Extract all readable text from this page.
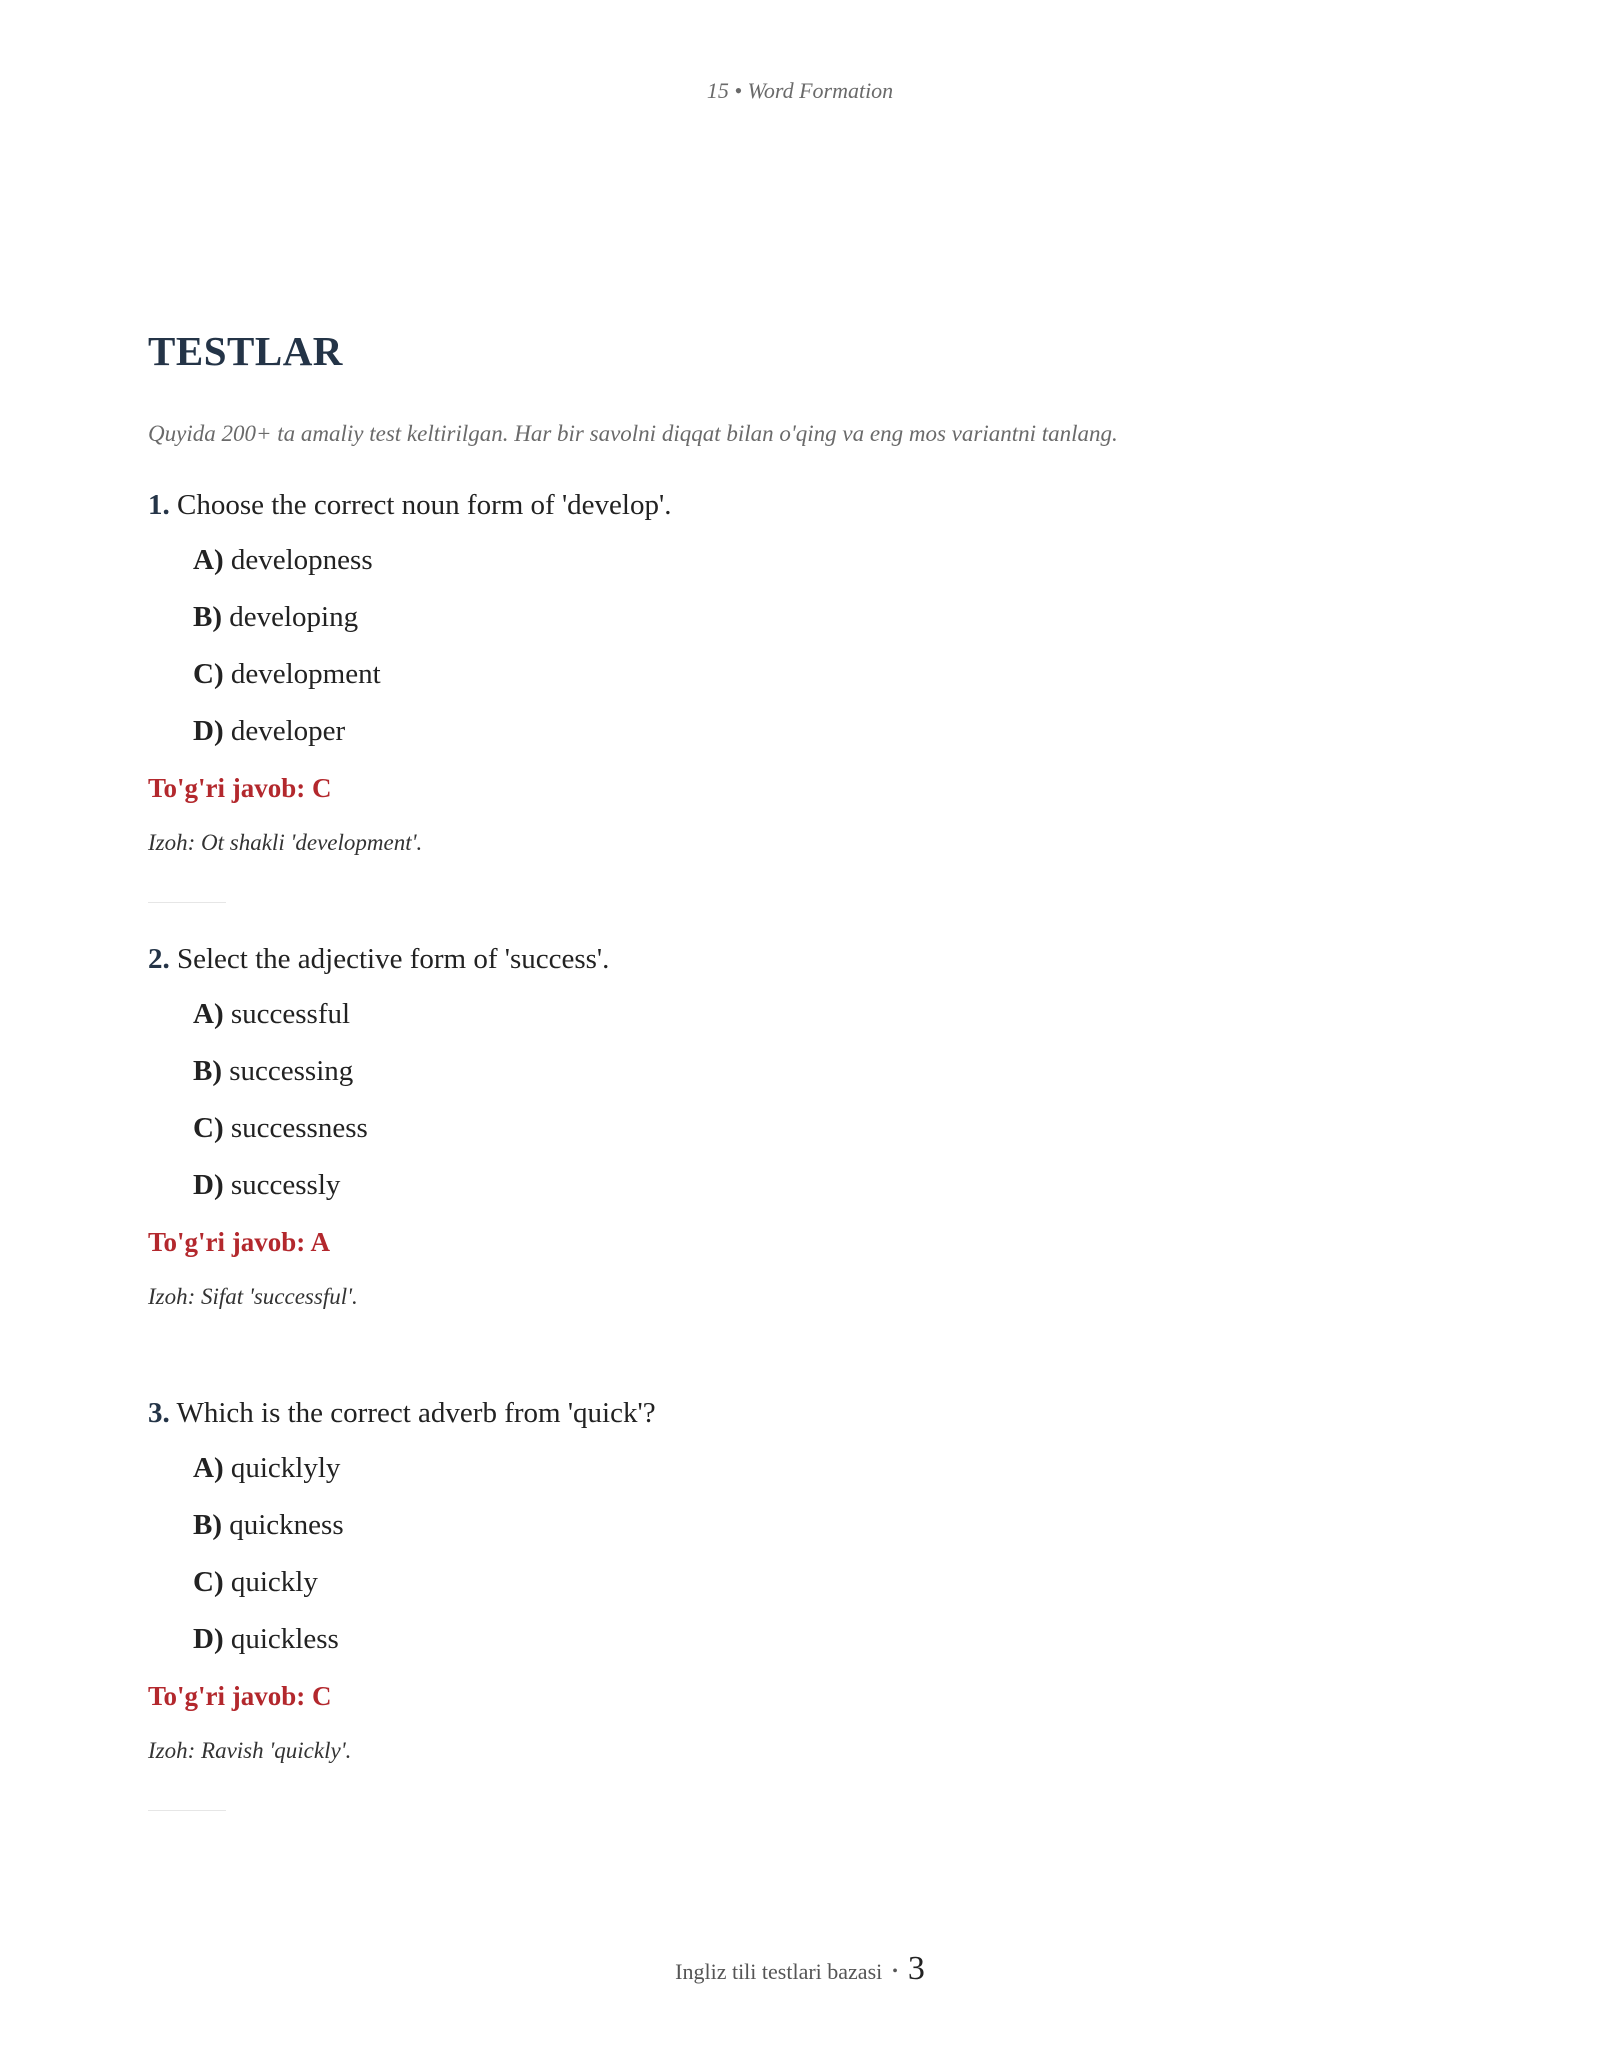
15 • Word Formation
TESTLAR
Quyida 200+ ta amaliy test keltirilgan. Har bir savolni diqqat bilan o'qing va eng mos variantni tanlang.
1. Choose the correct noun form of 'develop'.
A) developness
B) developing
C) development
D) developer
To'g'ri javob: C
Izoh: Ot shakli 'development'.
2. Select the adjective form of 'success'.
A) successful
B) successing
C) successness
D) successly
To'g'ri javob: A
Izoh: Sifat 'successful'.
3. Which is the correct adverb from 'quick'?
A) quicklyly
B) quickness
C) quickly
D) quickless
To'g'ri javob: C
Izoh: Ravish 'quickly'.
Ingliz tili testlari bazasi • 3
